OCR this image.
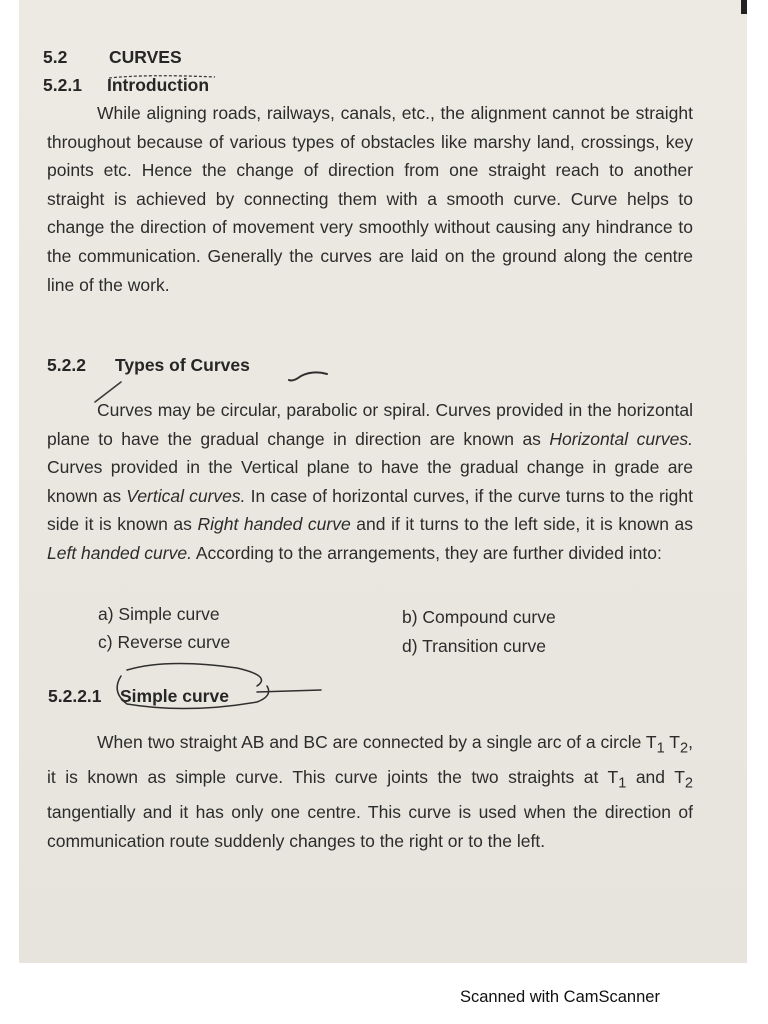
5.2 CURVES
5.2.1 Introduction
While aligning roads, railways, canals, etc., the alignment cannot be straight throughout because of various types of obstacles like marshy land, crossings, key points etc. Hence the change of direction from one straight reach to another straight is achieved by connecting them with a smooth curve. Curve helps to change the direction of movement very smoothly without causing any hindrance to the communication. Generally the curves are laid on the ground along the centre line of the work.
5.2.2 Types of Curves
Curves may be circular, parabolic or spiral. Curves provided in the horizontal plane to have the gradual change in direction are known as Horizontal curves. Curves provided in the Vertical plane to have the gradual change in grade are known as Vertical curves. In case of horizontal curves, if the curve turns to the right side it is known as Right handed curve and if it turns to the left side, it is known as Left handed curve. According to the arrangements, they are further divided into:
a) Simple curve	b) Compound curve
c) Reverse curve	d) Transition curve
5.2.2.1 Simple curve
When two straight AB and BC are connected by a single arc of a circle $T_1$ $T_2$, it is known as simple curve. This curve joints the two straights at $T_1$ and $T_2$ tangentially and it has only one centre. This curve is used when the direction of communication route suddenly changes to the right or to the left.
Scanned with CamScanner
